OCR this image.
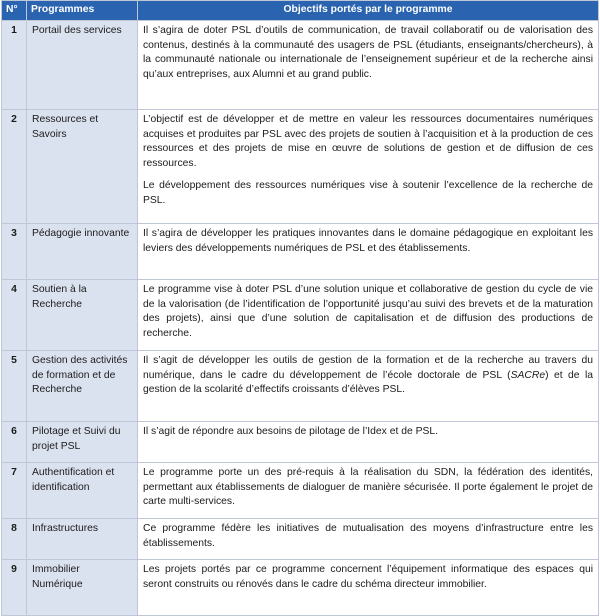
N°	Programmes	Objectifs portés par le programme
1	Portail des services	Il s’agira de doter PSL d’outils de communication, de travail collaboratif ou de valorisation des contenus, destinés à la communauté des usagers de PSL (étudiants, enseignants/chercheurs), à la communauté nationale ou internationale de l’enseignement supérieur et de la recherche ainsi qu’aux entreprises, aux Alumni et au grand public.

2	Ressources et Savoirs	L’objectif est de développer et de mettre en valeur les ressources documentaires numériques acquises et produites par PSL avec des projets de soutien à l’acquisition et à la production de ces ressources et des projets de mise en œuvre de solutions de gestion et de diffusion de ces ressources.
Le développement des ressources numériques vise à soutenir l’excellence de la recherche de PSL.

3	Pédagogie innovante	Il s’agira de développer les pratiques innovantes dans le domaine pédagogique en exploitant les leviers des développements numériques de PSL et des établissements.

4	Soutien à la Recherche	Le programme vise à doter PSL d’une solution unique et collaborative de gestion du cycle de vie de la valorisation (de l’identification de l’opportunité jusqu’au suivi des brevets et de la maturation des projets), ainsi que d’une solution de capitalisation et de diffusion des productions de recherche.

5	Gestion des activités de formation et de Recherche	Il s’agit de développer les outils de gestion de la formation et de la recherche au travers du numérique, dans le cadre du développement de l’école doctorale de PSL (SACRe) et de la gestion de la scolarité d’effectifs croissants d’élèves PSL.

6	Pilotage et Suivi du projet PSL	Il s’agit de répondre aux besoins de pilotage de l’Idex et de PSL.

7	Authentification et identification	Le programme porte un des pré-requis à la réalisation du SDN, la fédération des identités, permettant aux établissements de dialoguer de manière sécurisée. Il porte également le projet de carte multi-services.

8	Infrastructures	Ce programme fédère les initiatives de mutualisation des moyens d’infrastructure entre les établissements.

9	Immobilier Numérique	Les projets portés par ce programme concernent l’équipement informatique des espaces qui seront construits ou rénovés dans le cadre du schéma directeur immobilier.
